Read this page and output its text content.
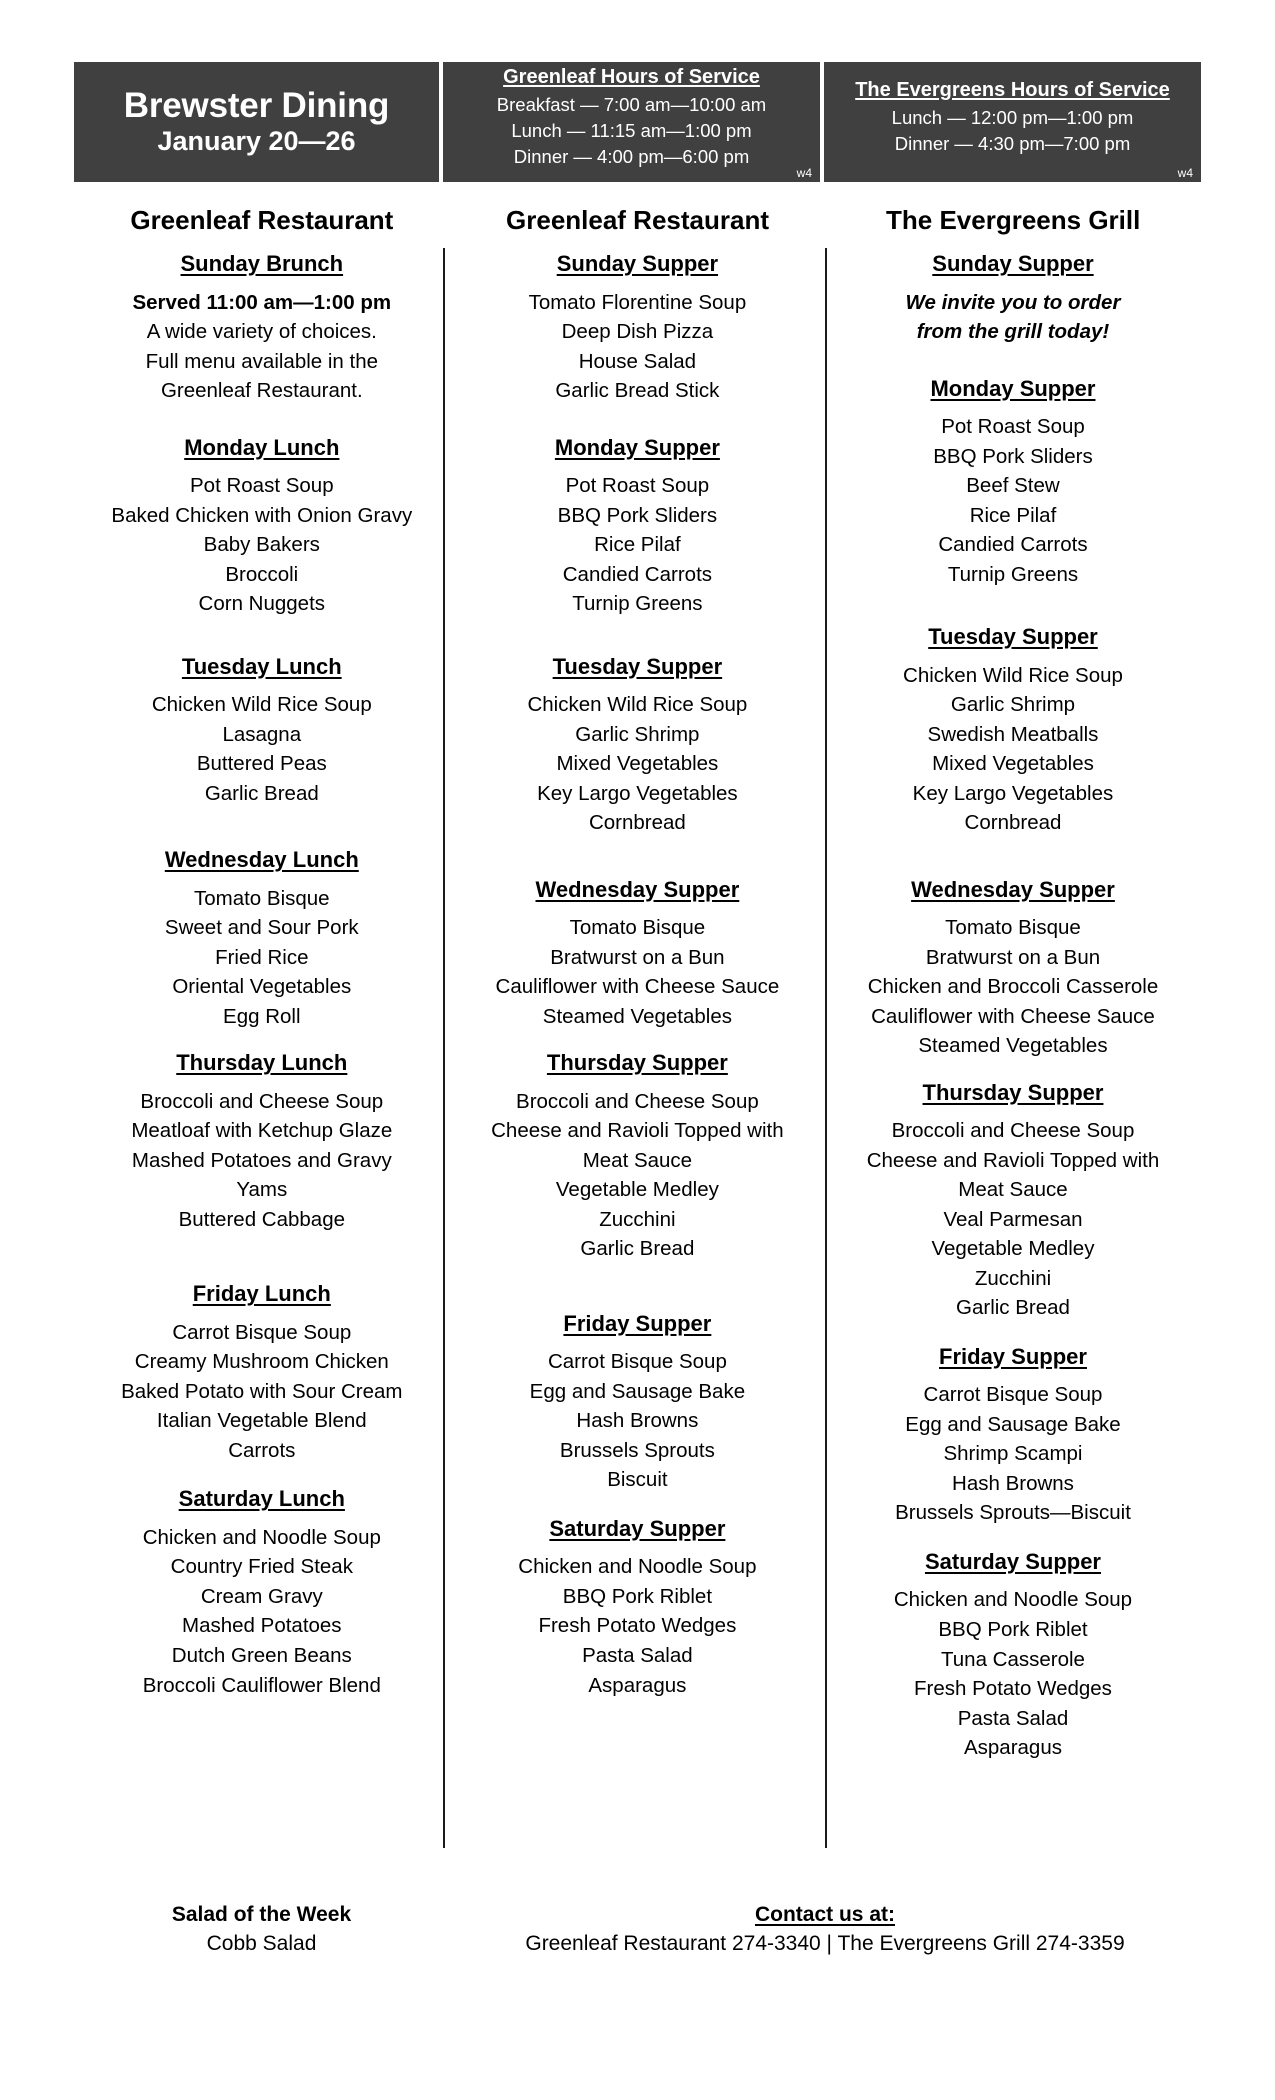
Brewster Dining
January 20—26
Greenleaf Hours of Service
Breakfast — 7:00 am—10:00 am
Lunch — 11:15 am—1:00 pm
Dinner — 4:00 pm—6:00 pm
w4
The Evergreens Hours of Service
Lunch — 12:00 pm—1:00 pm
Dinner — 4:30 pm—7:00 pm
w4
Greenleaf Restaurant	Greenleaf Restaurant	The Evergreens Grill
Sunday Brunch
Served 11:00 am—1:00 pm
A wide variety of choices.
Full menu available in the
Greenleaf Restaurant.
Monday Lunch
Pot Roast Soup
Baked Chicken with Onion Gravy
Baby Bakers
Broccoli
Corn Nuggets
Tuesday Lunch
Chicken Wild Rice Soup
Lasagna
Buttered Peas
Garlic Bread
Wednesday Lunch
Tomato Bisque
Sweet and Sour Pork
Fried Rice
Oriental Vegetables
Egg Roll
Thursday Lunch
Broccoli and Cheese Soup
Meatloaf with Ketchup Glaze
Mashed Potatoes and Gravy
Yams
Buttered Cabbage
Friday Lunch
Carrot Bisque Soup
Creamy Mushroom Chicken
Baked Potato with Sour Cream
Italian Vegetable Blend
Carrots
Saturday Lunch
Chicken and Noodle Soup
Country Fried Steak
Cream Gravy
Mashed Potatoes
Dutch Green Beans
Broccoli Cauliflower Blend
Sunday Supper
Tomato Florentine Soup
Deep Dish Pizza
House Salad
Garlic Bread Stick
Monday Supper
Pot Roast Soup
BBQ Pork Sliders
Rice Pilaf
Candied Carrots
Turnip Greens
Tuesday Supper
Chicken Wild Rice Soup
Garlic Shrimp
Mixed Vegetables
Key Largo Vegetables
Cornbread
Wednesday Supper
Tomato Bisque
Bratwurst on a Bun
Cauliflower with Cheese Sauce
Steamed Vegetables
Thursday Supper
Broccoli and Cheese Soup
Cheese and Ravioli Topped with
Meat Sauce
Vegetable Medley
Zucchini
Garlic Bread
Friday Supper
Carrot Bisque Soup
Egg and Sausage Bake
Hash Browns
Brussels Sprouts
Biscuit
Saturday Supper
Chicken and Noodle Soup
BBQ Pork Riblet
Fresh Potato Wedges
Pasta Salad
Asparagus
Sunday Supper
We invite you to order
from the grill today!
Monday Supper
Pot Roast Soup
BBQ Pork Sliders
Beef Stew
Rice Pilaf
Candied Carrots
Turnip Greens
Tuesday Supper
Chicken Wild Rice Soup
Garlic Shrimp
Swedish Meatballs
Mixed Vegetables
Key Largo Vegetables
Cornbread
Wednesday Supper
Tomato Bisque
Bratwurst on a Bun
Chicken and Broccoli Casserole
Cauliflower with Cheese Sauce
Steamed Vegetables
Thursday Supper
Broccoli and Cheese Soup
Cheese and Ravioli Topped with
Meat Sauce
Veal Parmesan
Vegetable Medley
Zucchini
Garlic Bread
Friday Supper
Carrot Bisque Soup
Egg and Sausage Bake
Shrimp Scampi
Hash Browns
Brussels Sprouts—Biscuit
Saturday Supper
Chicken and Noodle Soup
BBQ Pork Riblet
Tuna Casserole
Fresh Potato Wedges
Pasta Salad
Asparagus
Salad of the Week
Cobb Salad
Contact us at:
Greenleaf Restaurant 274-3340 | The Evergreens Grill 274-3359
